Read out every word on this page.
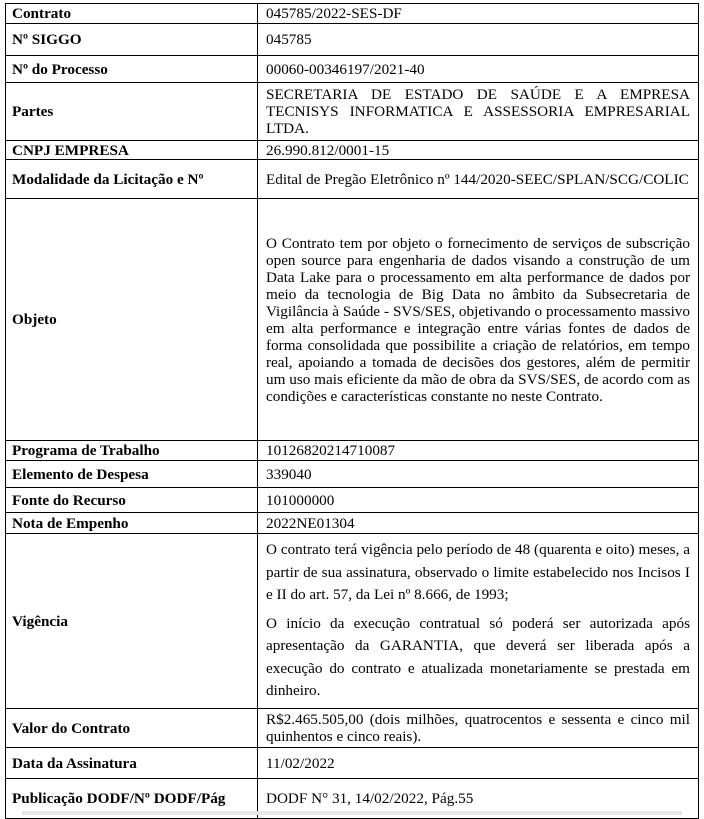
Contrato	045785/2022-SES-DF
Nº SIGGO	045785
Nº do Processo	00060-00346197/2021-40
Partes	SECRETARIA DE ESTADO DE SAÚDE E A EMPRESA TECNISYS INFORMATICA E ASSESSORIA EMPRESARIAL LTDA.
CNPJ EMPRESA	26.990.812/0001-15
Modalidade da Licitação e Nº	Edital de Pregão Eletrônico nº 144/2020-SEEC/SPLAN/SCG/COLIC
Objeto	O Contrato tem por objeto o fornecimento de serviços de subscrição open source para engenharia de dados visando a construção de um Data Lake para o processamento em alta performance de dados por meio da tecnologia de Big Data no âmbito da Subsecretaria de Vigilância à Saúde - SVS/SES, objetivando o processamento massivo em alta performance e integração entre várias fontes de dados de forma consolidada que possibilite a criação de relatórios, em tempo real, apoiando a tomada de decisões dos gestores, além de permitir um uso mais eficiente da mão de obra da SVS/SES, de acordo com as condições e características constante no neste Contrato.
Programa de Trabalho	10126820214710087
Elemento de Despesa	339040
Fonte do Recurso	101000000
Nota de Empenho	2022NE01304
Vigência	O contrato terá vigência pelo período de 48 (quarenta e oito) meses, a partir de sua assinatura, observado o limite estabelecido nos Incisos I e II do art. 57, da Lei nº 8.666, de 1993;

O início da execução contratual só poderá ser autorizada após apresentação da GARANTIA, que deverá ser liberada após a execução do contrato e atualizada monetariamente se prestada em dinheiro.

Valor do Contrato	R$2.465.505,00 (dois milhões, quatrocentos e sessenta e cinco mil quinhentos e cinco reais).
Data da Assinatura	11/02/2022
Publicação DODF/Nº DODF/Pág	DODF N° 31, 14/02/2022, Pág.55
